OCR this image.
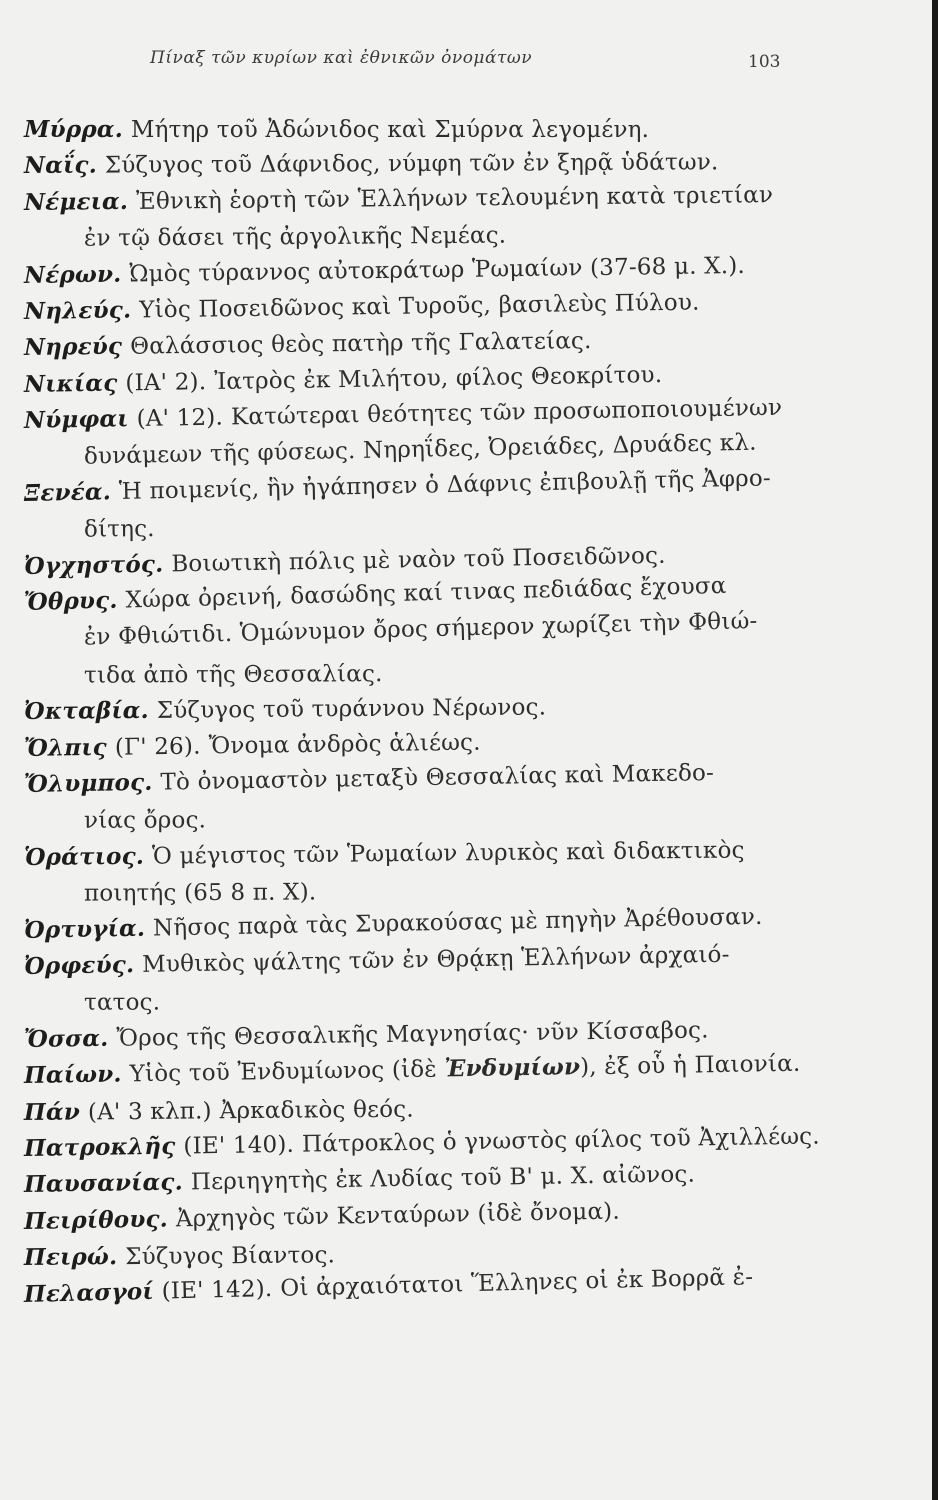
Πίναξ τῶν κυρίων καὶ ἐθνικῶν ὀνομάτων	103
Μύρρα. Μήτηρ τοῦ Ἀδώνιδος καὶ Σμύρνα λεγομένη.
Ναΐς. Σύζυγος τοῦ Δάφνιδος, νύμφη τῶν ἐν ξηρᾷ ὑδάτων.
Νέμεια. Ἐθνικὴ ἑορτὴ τῶν Ἑλλήνων τελουμένη κατὰ τριετίαν
ἐν τῷ δάσει τῆς ἀργολικῆς Νεμέας.
Νέρων. Ὠμὸς τύραννος αὐτοκράτωρ Ῥωμαίων (37-68 μ. Χ.).
Νηλεύς. Υἱὸς Ποσειδῶνος καὶ Τυροῦς, βασιλεὺς Πύλου.
Νηρεύς Θαλάσσιος θεὸς πατὴρ τῆς Γαλατείας.
Νικίας (ΙΑ' 2). Ἰατρὸς ἐκ Μιλήτου, φίλος Θεοκρίτου.
Νύμφαι (Α' 12). Κατώτεραι θεότητες τῶν προσωποποιουμένων
δυνάμεων τῆς φύσεως. Νηρηΐδες, Ὀρειάδες, Δρυάδες κλ.
Ξενέα. Ἡ ποιμενίς, ἣν ἠγάπησεν ὁ Δάφνις ἐπιβουλῇ τῆς Ἀφρο-
δίτης.
Ὀγχηστός. Βοιωτικὴ πόλις μὲ ναὸν τοῦ Ποσειδῶνος.
Ὄθρυς. Χώρα ὀρεινή, δασώδης καί τινας πεδιάδας ἔχουσα
ἐν Φθιώτιδι. Ὁμώνυμον ὄρος σήμερον χωρίζει τὴν Φθιώ-
τιδα ἀπὸ τῆς Θεσσαλίας.
Ὀκταβία. Σύζυγος τοῦ τυράννου Νέρωνος.
Ὄλπις (Γ' 26). Ὄνομα ἀνδρὸς ἁλιέως.
Ὄλυμπος. Τὸ ὀνομαστὸν μεταξὺ Θεσσαλίας καὶ Μακεδο-
νίας ὄρος.
Ὁράτιος. Ὁ μέγιστος τῶν Ῥωμαίων λυρικὸς καὶ διδακτικὸς
ποιητής (65 8 π. Χ).
Ὀρτυγία. Νῆσος παρὰ τὰς Συρακούσας μὲ πηγὴν Ἀρέθουσαν.
Ὀρφεύς. Μυθικὸς ψάλτης τῶν ἐν Θρᾴκῃ Ἑλλήνων ἀρχαιό-
τατος.
Ὄσσα. Ὄρος τῆς Θεσσαλικῆς Μαγνησίας· νῦν Κίσσαβος.
Παίων. Υἱὸς τοῦ Ἐνδυμίωνος (ἰδὲ Ἐνδυμίων), ἐξ οὗ ἡ Παιονία.
Πάν (Α' 3 κλπ.) Ἀρκαδικὸς θεός.
Πατροκλῆς (ΙΕ' 140). Πάτροκλος ὁ γνωστὸς φίλος τοῦ Ἀχιλλέως.
Παυσανίας. Περιηγητὴς ἐκ Λυδίας τοῦ Β' μ. Χ. αἰῶνος.
Πειρίθους. Ἀρχηγὸς τῶν Κενταύρων (ἰδὲ ὄνομα).
Πειρώ. Σύζυγος Βίαντος.
Πελασγοί (ΙΕ' 142). Οἱ ἀρχαιότατοι Ἕλληνες οἱ ἐκ Βορρᾶ ἐ-
